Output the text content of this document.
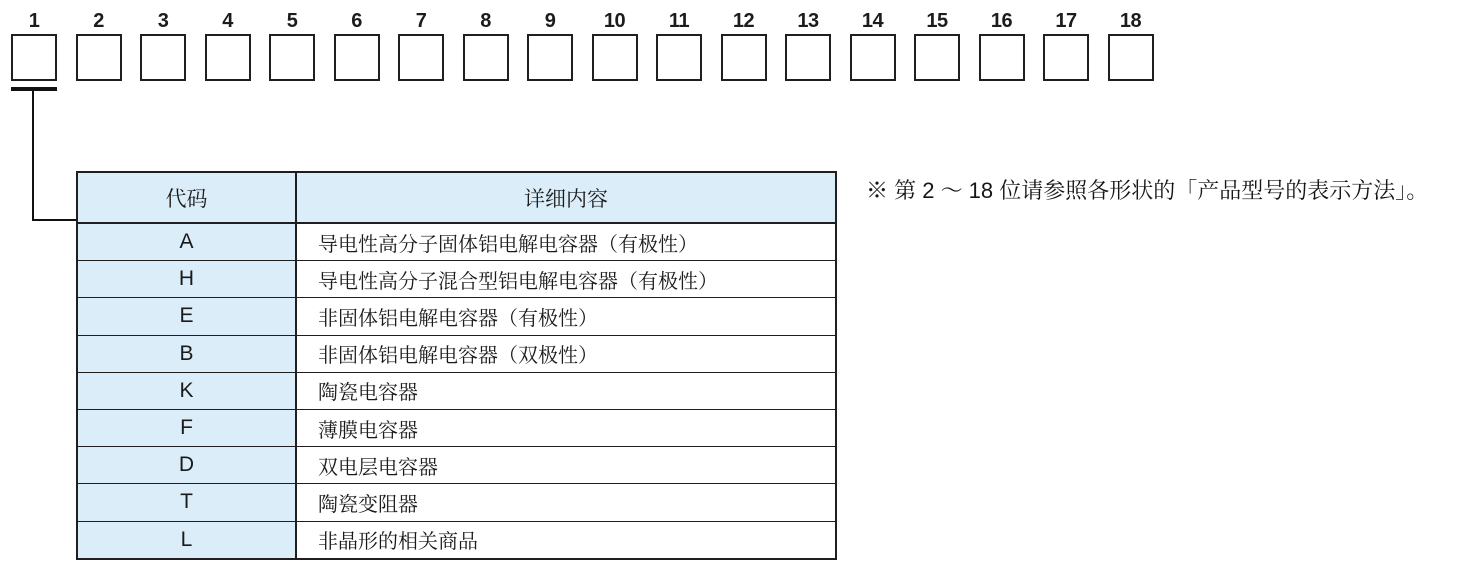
1	2	3	4	5	6	7	8	9	10	11	12	13	14	15	16	17	18
代码	详细内容
A	导电性高分子固体铝电解电容器（有极性）
H	导电性高分子混合型铝电解电容器（有极性）
E	非固体铝电解电容器（有极性）
B	非固体铝电解电容器（双极性）
K	陶瓷电容器
F	薄膜电容器
D	双电层电容器
T	陶瓷变阻器
L	非晶形的相关商品
※ 第 2 ～ 18 位请参照各形状的「产品型号的表示方法」。
